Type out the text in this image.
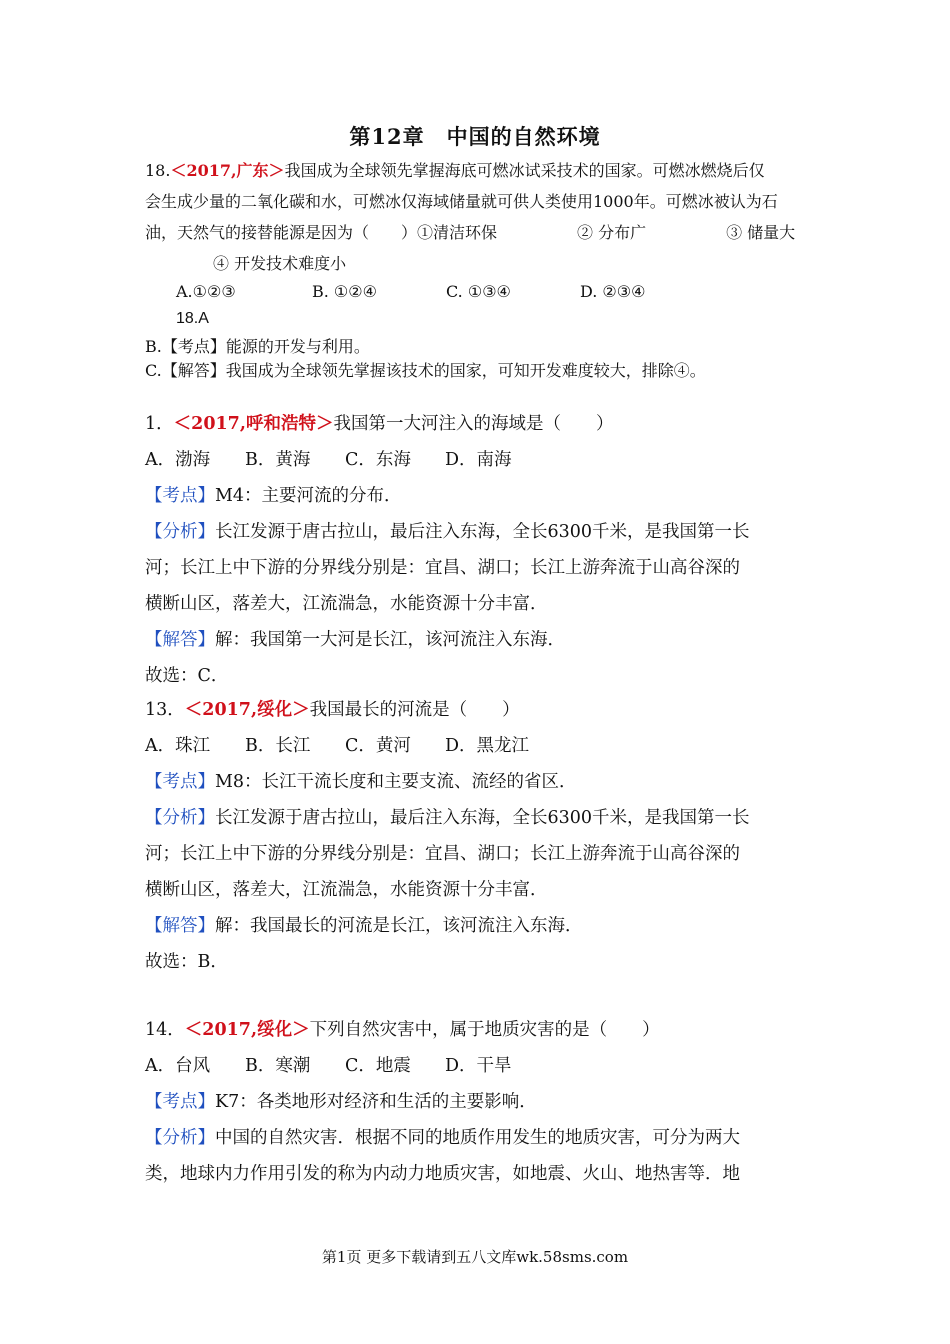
第12章　中国的自然环境
18.＜2017,广东＞我国成为全球领先掌握海底可燃冰试采技术的国家。可燃冰燃烧后仅
会生成少量的二氧化碳和水，可燃冰仅海域储量就可供人类使用1000年。可燃冰被认为石
油，天然气的接替能源是因为（　　）①清洁环保　　　　　② 分布广　　　　　③ 储量大
④ 开发技术难度小
A.①②③	B. ①②④	C. ①③④	D. ②③④
18.A
B.【考点】能源的开发与利用。
C.【解答】我国成为全球领先掌握该技术的国家，可知开发难度较大，排除④。
1．＜2017,呼和浩特＞我国第一大河注入的海域是（　　）
A．渤海 B．黄海 C．东海 D．南海
【考点】M4：主要河流的分布．
【分析】长江发源于唐古拉山，最后注入东海，全长6300千米，是我国第一长
河；长江上中下游的分界线分别是：宜昌、湖口；长江上游奔流于山高谷深的
横断山区，落差大，江流湍急，水能资源十分丰富．
【解答】解：我国第一大河是长江，该河流注入东海．
故选：C．
13．＜2017,绥化＞我国最长的河流是（　　）
A．珠江 B．长江 C．黄河 D．黑龙江
【考点】M8：长江干流长度和主要支流、流经的省区．
【分析】长江发源于唐古拉山，最后注入东海，全长6300千米，是我国第一长
河；长江上中下游的分界线分别是：宜昌、湖口；长江上游奔流于山高谷深的
横断山区，落差大，江流湍急，水能资源十分丰富．
【解答】解：我国最长的河流是长江，该河流注入东海．
故选：B．
14．＜2017,绥化＞下列自然灾害中，属于地质灾害的是（　　）
A．台风 B．寒潮 C．地震 D．干旱
【考点】K7：各类地形对经济和生活的主要影响．
【分析】中国的自然灾害．根据不同的地质作用发生的地质灾害，可分为两大
类，地球内力作用引发的称为内动力地质灾害，如地震、火山、地热害等．地
第1页 更多下载请到五八文库wk.58sms.com
